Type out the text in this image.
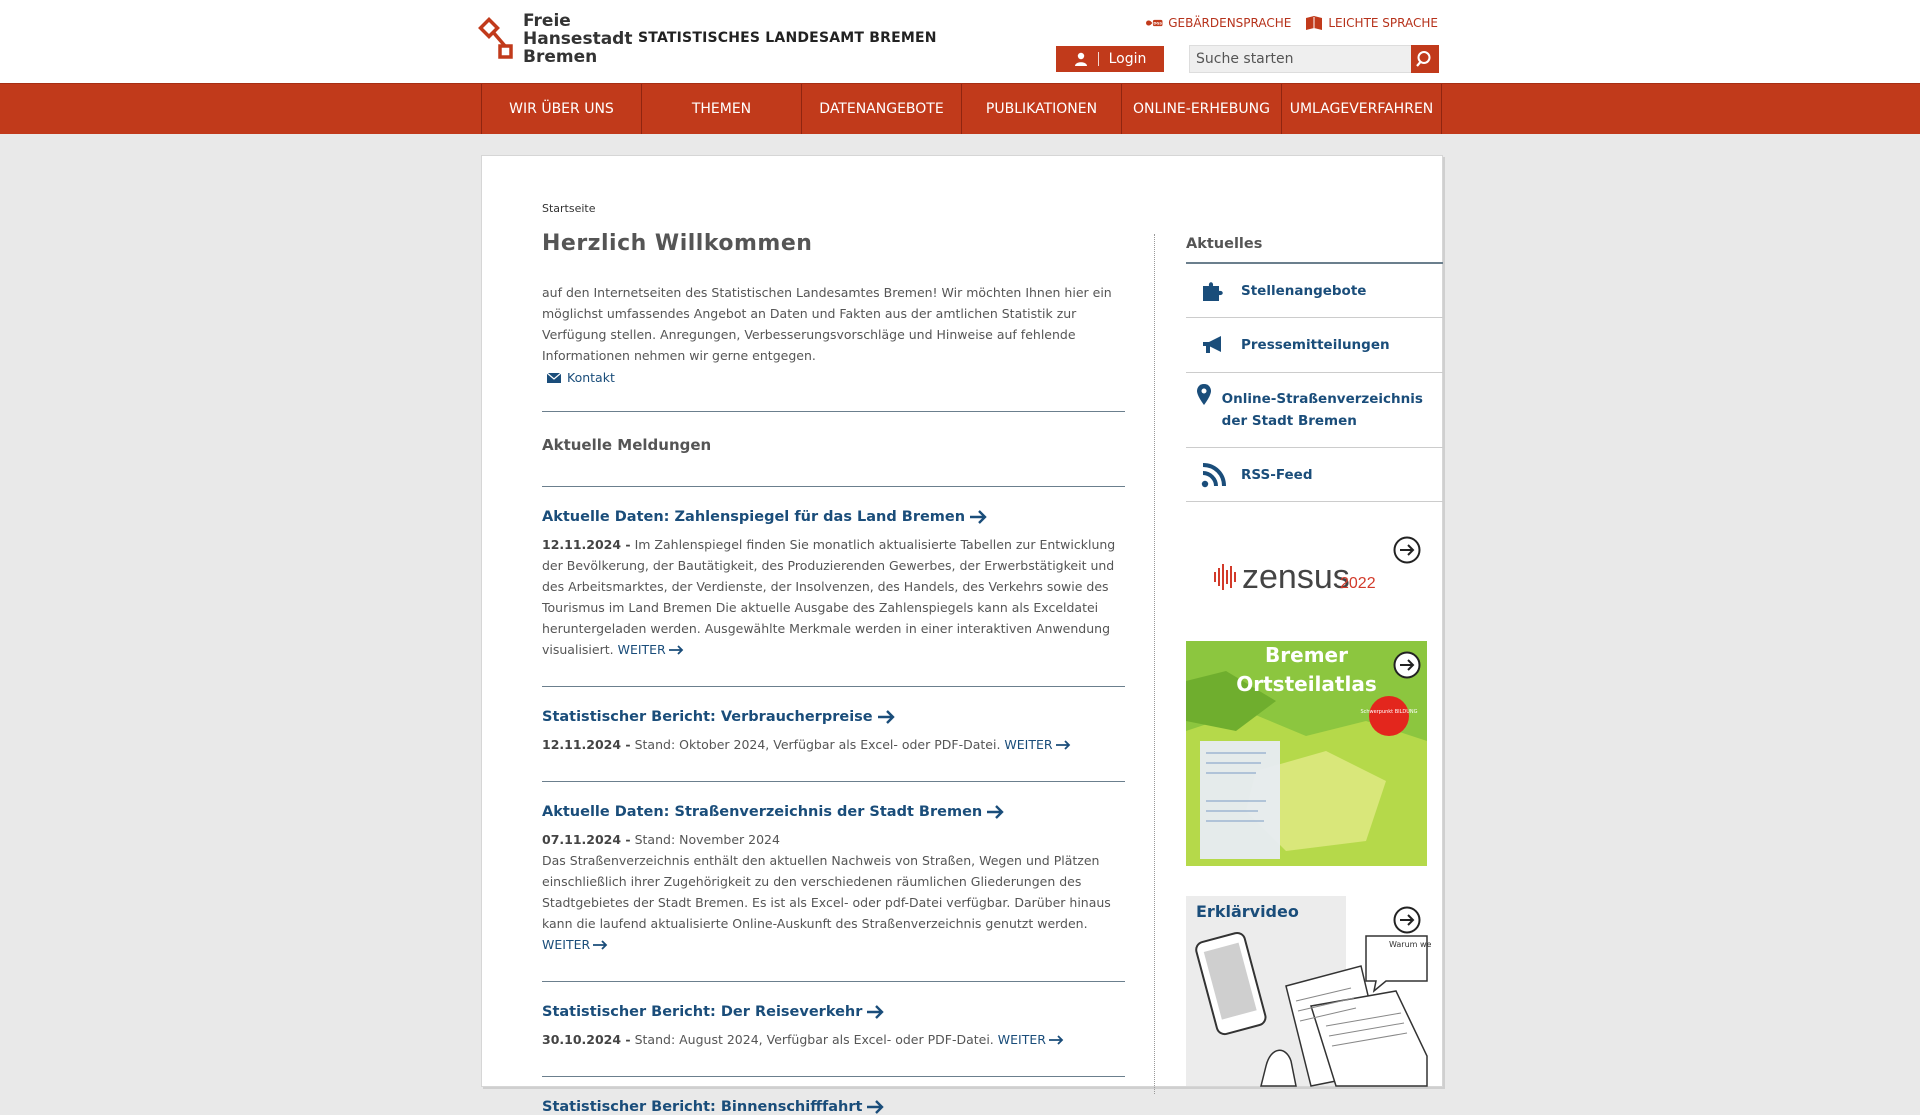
Freie
Hansestadt
Bremen
STATISTISCHES LANDESAMT BREMEN
DGS GEBÄRDENSPRACHE	LEICHTE SPRACHE
Login
Suche starten
WIR ÜBER UNS	THEMEN	DATENANGEBOTE	PUBLIKATIONEN	ONLINE-ERHEBUNG	UMLAGEVERFAHREN
Startseite
Herzlich Willkommen
auf den Internetseiten des Statistischen Landesamtes Bremen! Wir möchten Ihnen hier ein möglichst umfassendes Angebot an Daten und Fakten aus der amtlichen Statistik zur Verfügung stellen. Anregungen, Verbesserungsvorschläge und Hinweise auf fehlende Informationen nehmen wir gerne entgegen.
Kontakt
Aktuelle Meldungen
Aktuelle Daten: Zahlenspiegel für das Land Bremen
12.11.2024 - Im Zahlenspiegel finden Sie monatlich aktualisierte Tabellen zur Entwicklung der Bevölkerung, der Bautätigkeit, des Produzierenden Gewerbes, der Erwerbstätigkeit und des Arbeitsmarktes, der Verdienste, der Insolvenzen, des Handels, des Verkehrs sowie des Tourismus im Land Bremen Die aktuelle Ausgabe des Zahlenspiegels kann als Exceldatei heruntergeladen werden. Ausgewählte Merkmale werden in einer interaktiven Anwendung visualisiert. WEITER
Statistischer Bericht: Verbraucherpreise
12.11.2024 - Stand: Oktober 2024, Verfügbar als Excel- oder PDF-Datei. WEITER
Aktuelle Daten: Straßenverzeichnis der Stadt Bremen
07.11.2024 - Stand: November 2024
Das Straßenverzeichnis enthält den aktuellen Nachweis von Straßen, Wegen und Plätzen einschließlich ihrer Zugehörigkeit zu den verschiedenen räumlichen Gliederungen des Stadtgebietes der Stadt Bremen. Es ist als Excel- oder pdf-Datei verfügbar. Darüber hinaus kann die laufend aktualisierte Online-Auskunft des Straßenverzeichnis genutzt werden.
WEITER
Statistischer Bericht: Der Reiseverkehr
30.10.2024 - Stand: August 2024, Verfügbar als Excel- oder PDF-Datei. WEITER
Statistischer Bericht: Binnenschifffahrt
Aktuelles
Stellenangebote
Pressemitteilungen
Online-Straßenverzeichnis der Stadt Bremen
RSS-Feed
zensus
2022
Schwerpunkt BILDUNG
Bremer
Ortsteilatlas
Erklärvideo
Warum we
